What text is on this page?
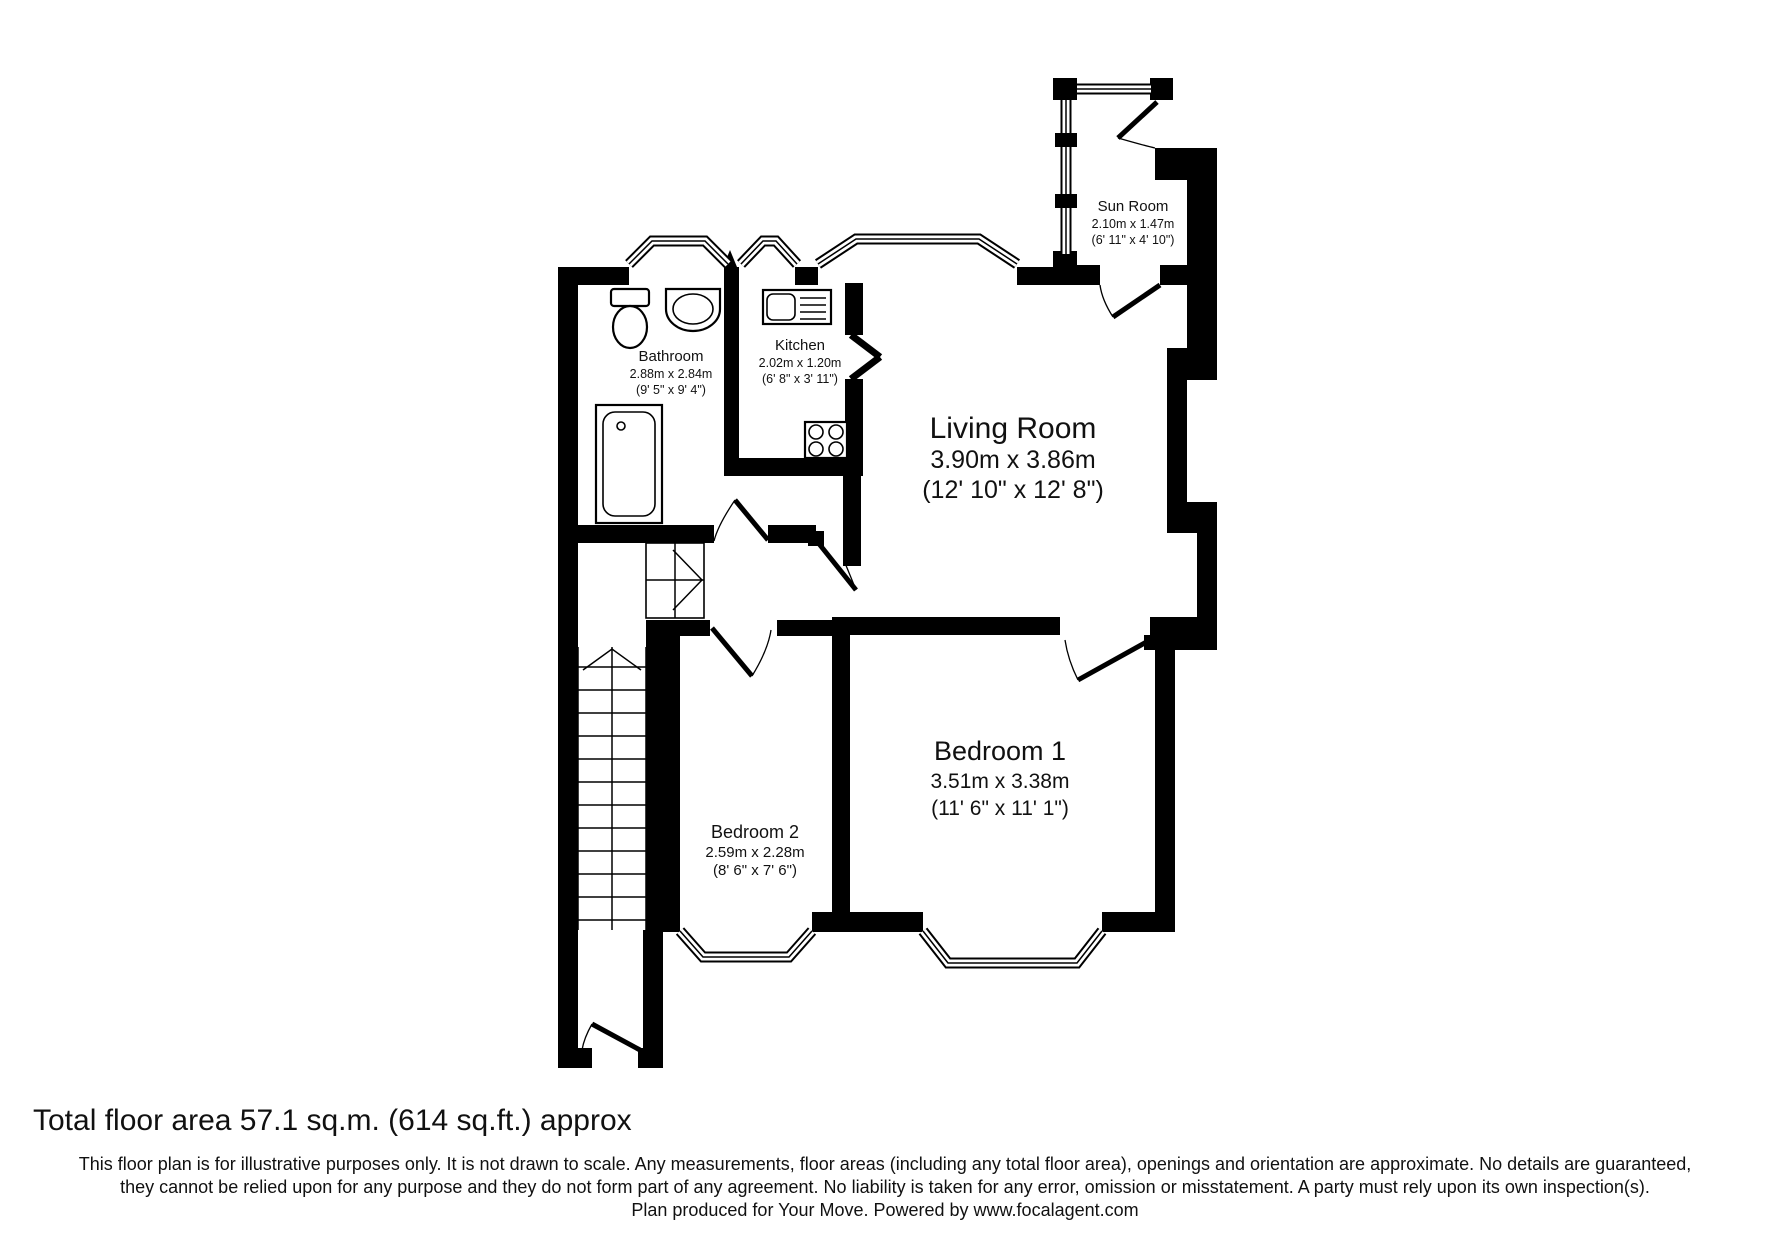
Sun Room
2.10m x 1.47m
(6' 11" x 4' 10")
Bathroom
2.88m x 2.84m
(9' 5" x 9' 4")
Kitchen
2.02m x 1.20m
(6' 8" x 3' 11")
Living Room
3.90m x 3.86m
(12' 10" x 12' 8")
Bedroom 1
3.51m x 3.38m
(11' 6" x 11' 1")
Bedroom 2
2.59m x 2.28m
(8' 6" x 7' 6")
Total floor area 57.1 sq.m. (614 sq.ft.) approx
This floor plan is for illustrative purposes only. It is not drawn to scale. Any measurements, floor areas (including any total floor area), openings and orientation are approximate. No details are guaranteed,
they cannot be relied upon for any purpose and they do not form part of any agreement. No liability is taken for any error, omission or misstatement. A party must rely upon its own inspection(s).
Plan produced for Your Move. Powered by www.focalagent.com
